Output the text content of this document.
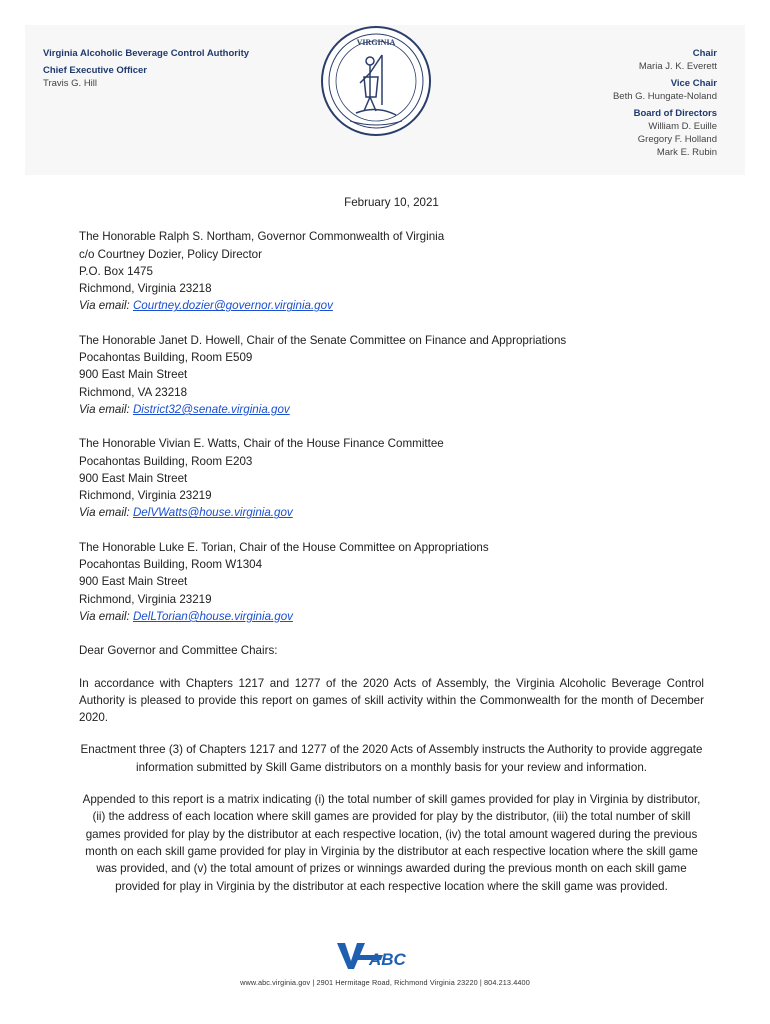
Virginia Alcoholic Beverage Control Authority
Chief Executive Officer
Travis G. Hill
VIRGINIA
Chair
Maria J. K. Everett
Vice Chair
Beth G. Hungate-Noland
Board of Directors
William D. Euille
Gregory F. Holland
Mark E. Rubin
February 10, 2021
The Honorable Ralph S. Northam, Governor Commonwealth of Virginia
c/o Courtney Dozier, Policy Director
P.O. Box 1475
Richmond, Virginia 23218
Via email: Courtney.dozier@governor.virginia.gov
The Honorable Janet D. Howell, Chair of the Senate Committee on Finance and Appropriations
Pocahontas Building, Room E509
900 East Main Street
Richmond, VA 23218
Via email: District32@senate.virginia.gov
The Honorable Vivian E. Watts, Chair of the House Finance Committee
Pocahontas Building, Room E203
900 East Main Street
Richmond, Virginia 23219
Via email: DelVWatts@house.virginia.gov
The Honorable Luke E. Torian, Chair of the House Committee on Appropriations
Pocahontas Building, Room W1304
900 East Main Street
Richmond, Virginia 23219
Via email: DelLTorian@house.virginia.gov
Dear Governor and Committee Chairs:
In accordance with Chapters 1217 and 1277 of the 2020 Acts of Assembly, the Virginia Alcoholic Beverage Control Authority is pleased to provide this report on games of skill activity within the Commonwealth for the month of December 2020.
Enactment three (3) of Chapters 1217 and 1277 of the 2020 Acts of Assembly instructs the Authority to provide aggregate information submitted by Skill Game distributors on a monthly basis for your review and information.
Appended to this report is a matrix indicating (i) the total number of skill games provided for play in Virginia by distributor, (ii) the address of each location where skill games are provided for play by the distributor, (iii) the total number of skill games provided for play by the distributor at each respective location, (iv) the total amount wagered during the previous month on each skill game provided for play in Virginia by the distributor at each respective location where the skill game was provided, and (v) the total amount of prizes or winnings awarded during the previous month on each skill game provided for play in Virginia by the distributor at each respective location where the skill game was provided.
ABC
www.abc.virginia.gov | 2901 Hermitage Road, Richmond Virginia 23220 | 804.213.4400
